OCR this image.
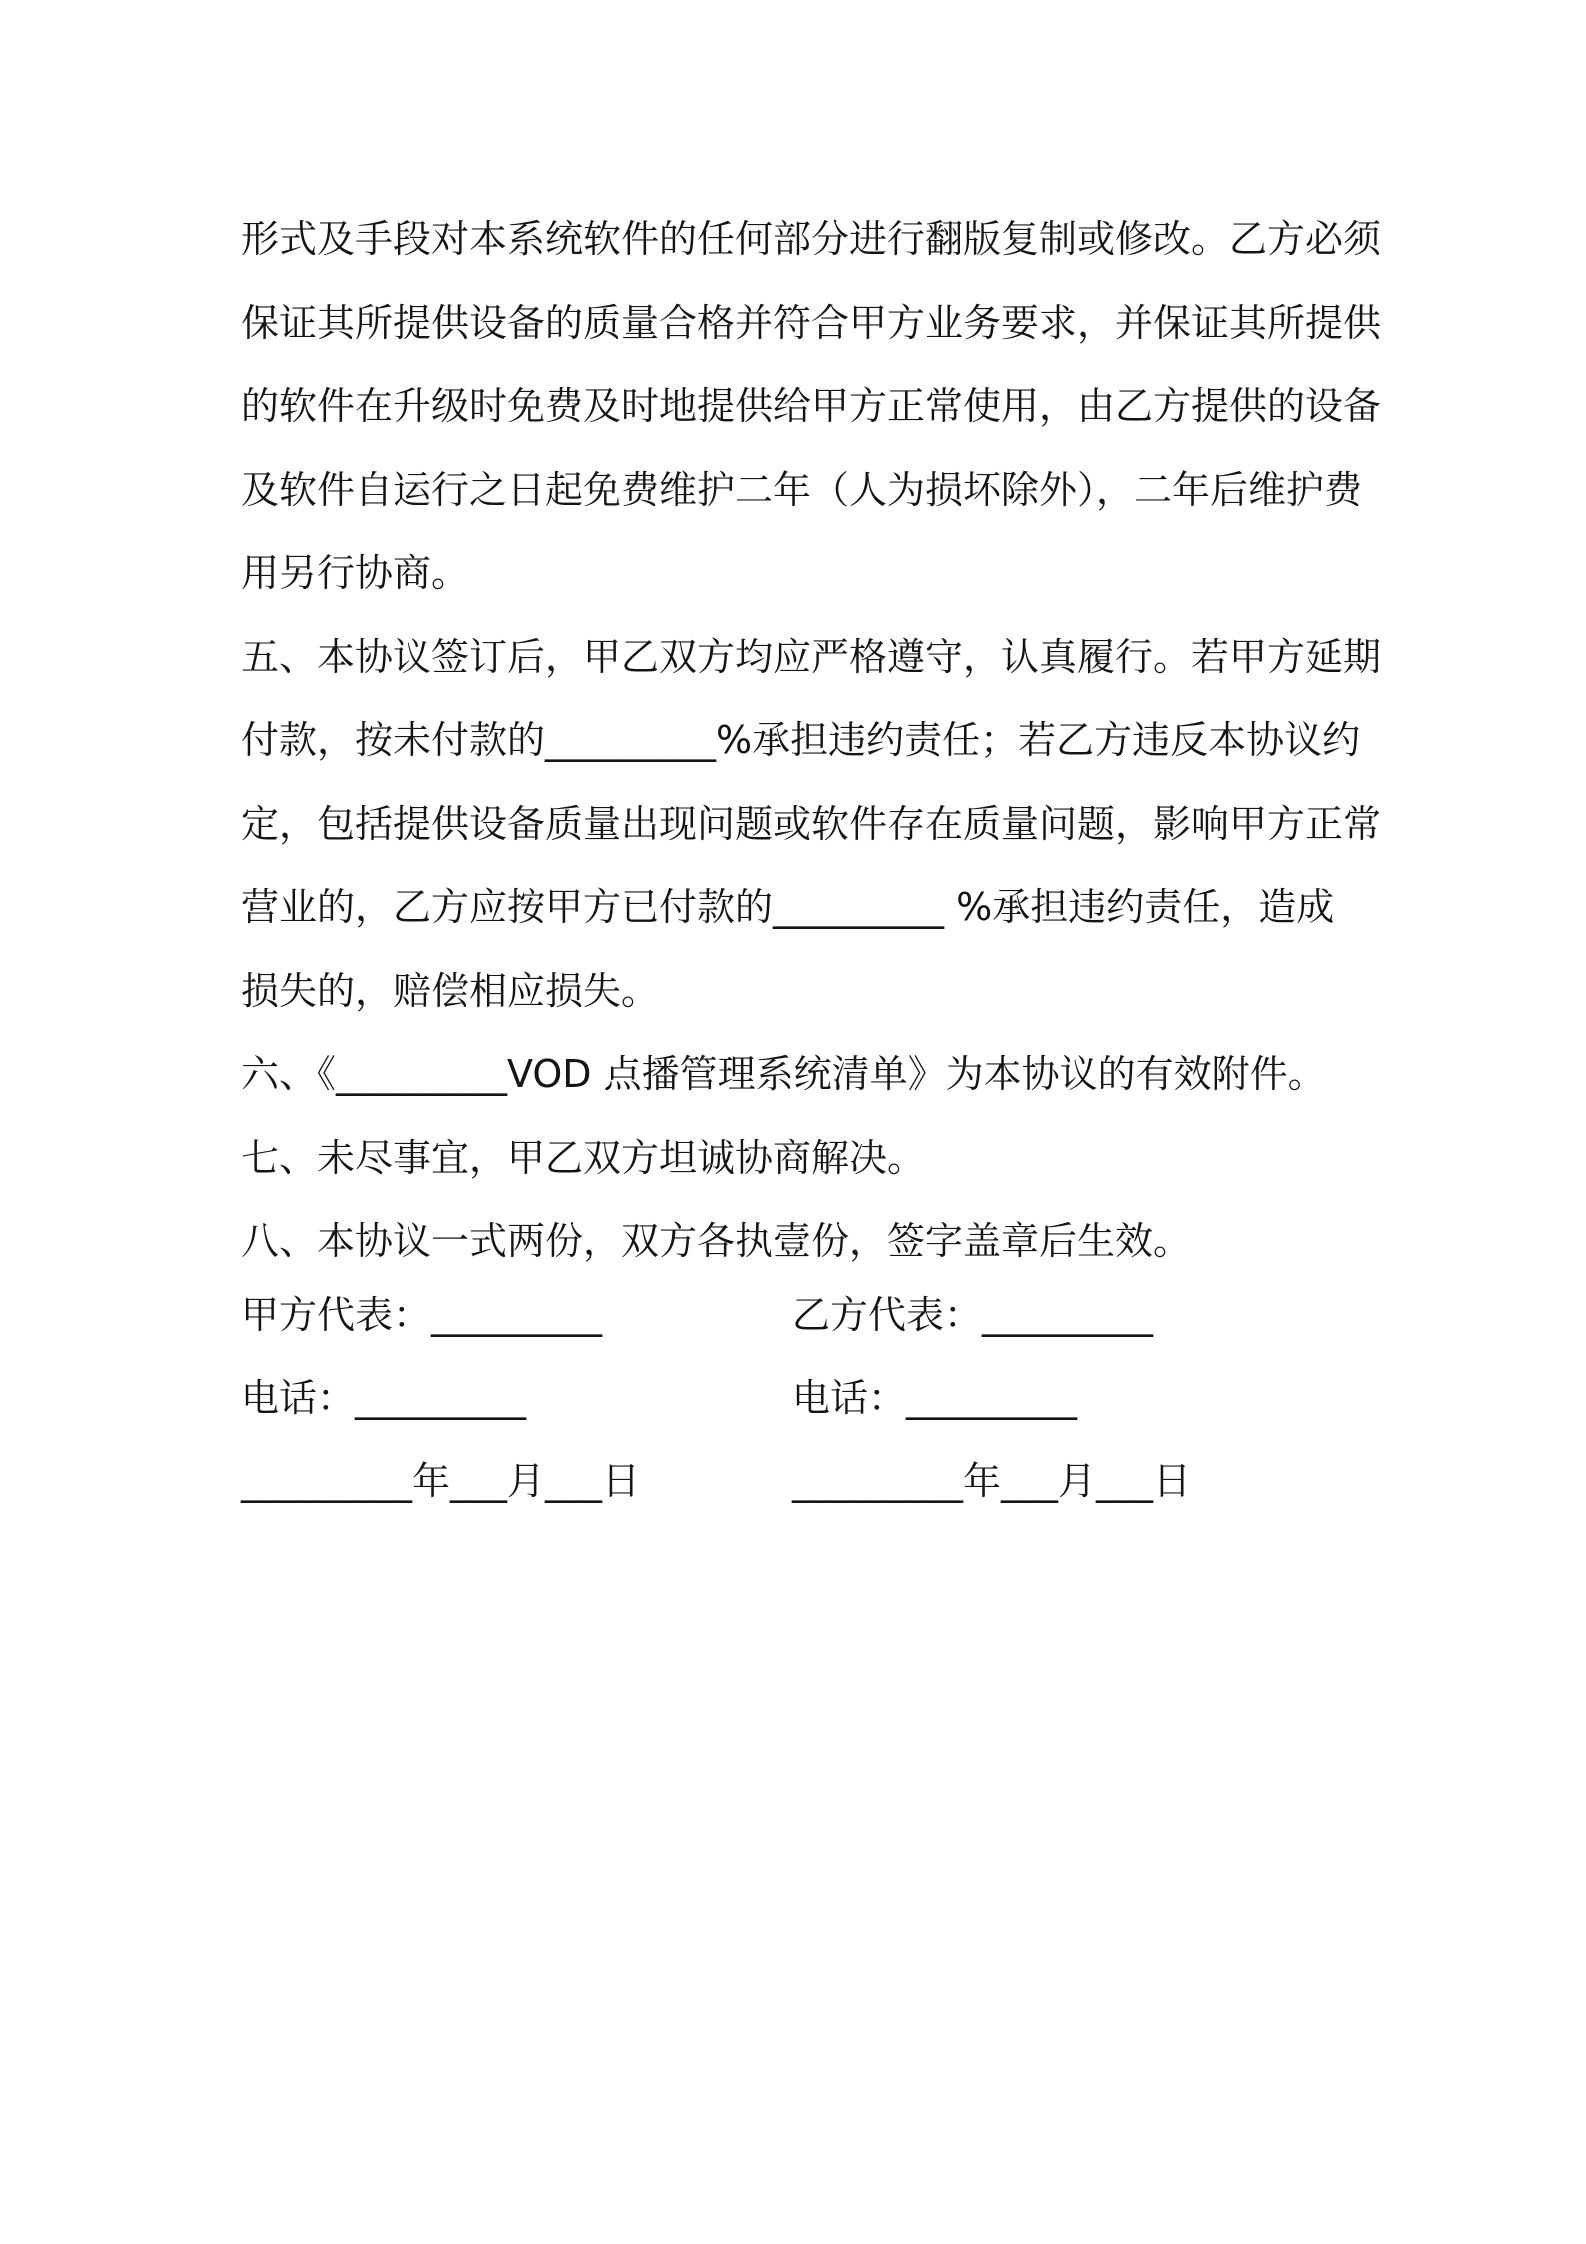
形式及手段对本系统软件的任何部分进行翻版复制或修改。乙方必须
保证其所提供设备的质量合格并符合甲方业务要求，并保证其所提供
的软件在升级时免费及时地提供给甲方正常使用，由乙方提供的设备
及软件自运行之日起免费维护二年（人为损坏除外），二年后维护费
用另行协商。
五、本协议签订后，甲乙双方均应严格遵守，认真履行。若甲方延期
付款，按未付款的_________%承担违约责任；若乙方违反本协议约
定，包括提供设备质量出现问题或软件存在质量问题，影响甲方正常
营业的，乙方应按甲方已付款的_________ %承担违约责任，造成
损失的，赔偿相应损失。
六、《_________VOD 点播管理系统清单》为本协议的有效附件。
七、未尽事宜，甲乙双方坦诚协商解决。
八、本协议一式两份，双方各执壹份，签字盖章后生效。
甲方代表：_________	乙方代表：_________
电话：_________	电话：_________
_________年___月___日	_________年___月___日
